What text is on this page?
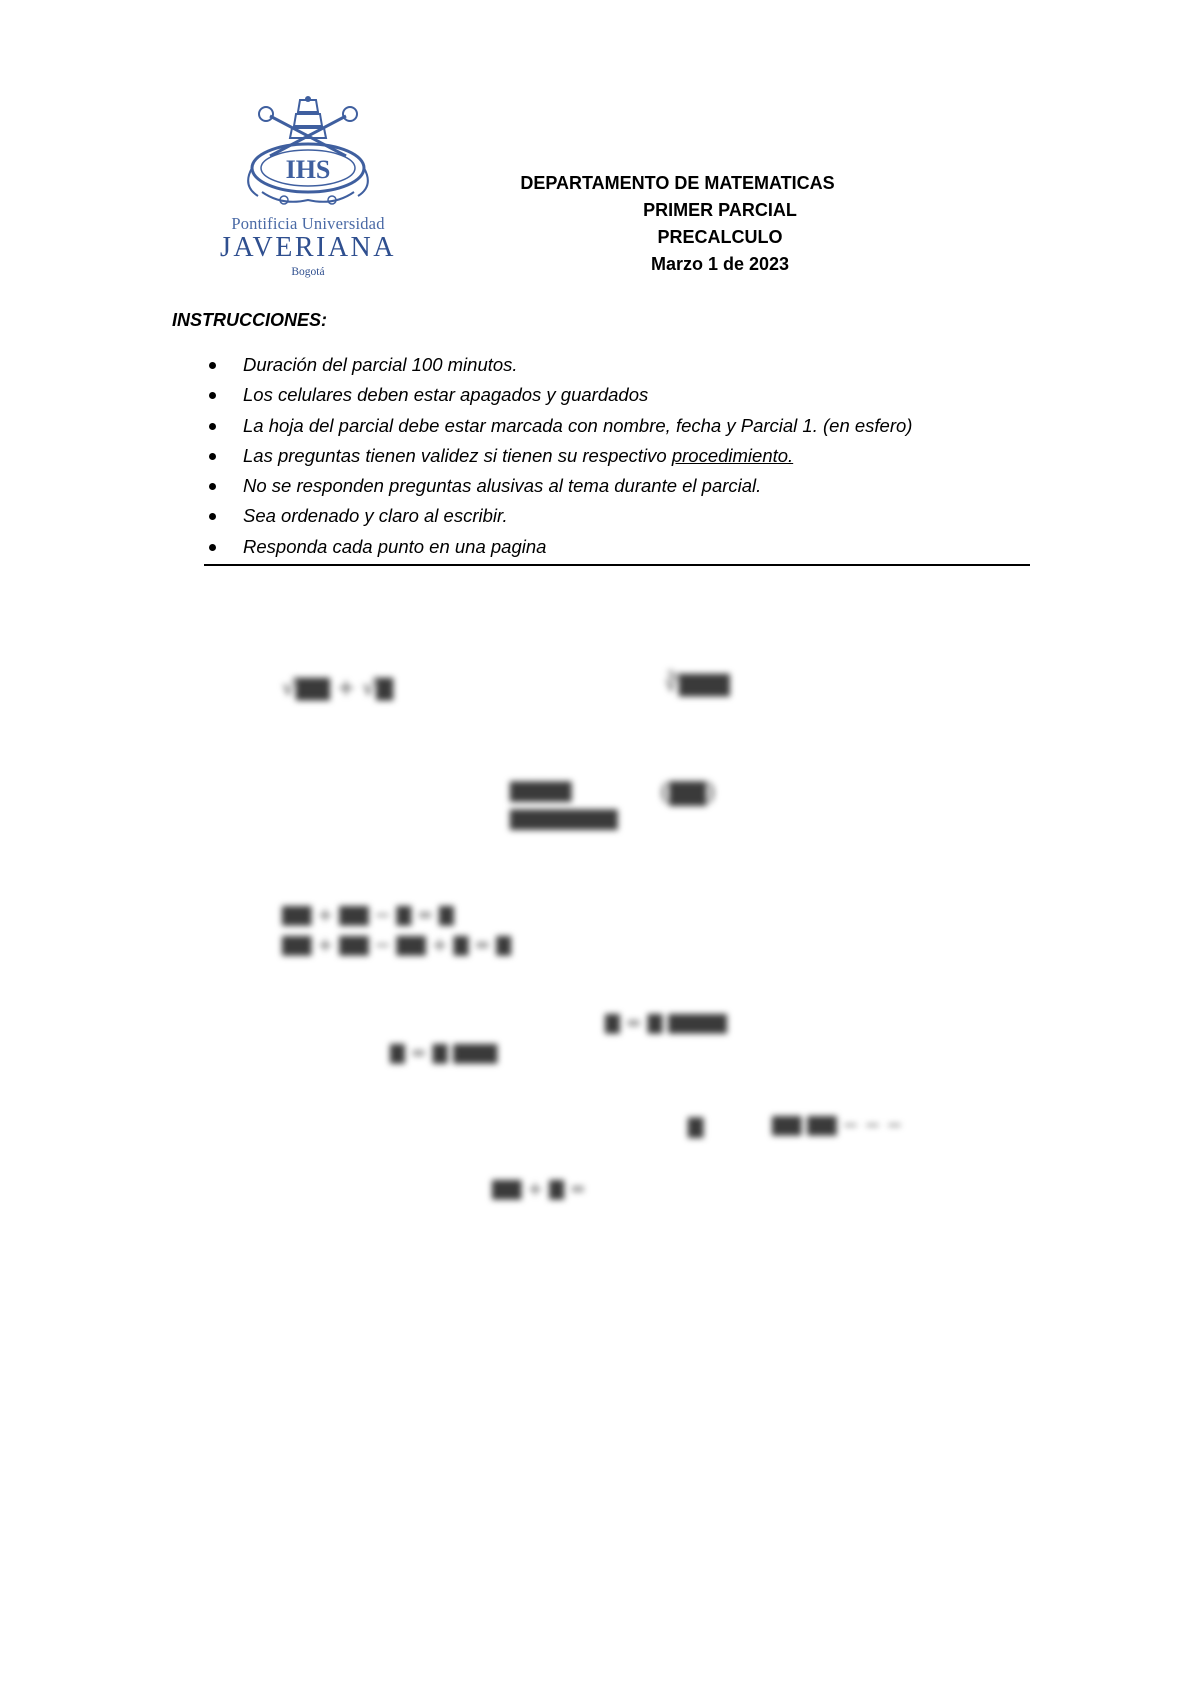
IHS
Pontificia Universidad
JAVERIANA
Bogotá
DEPARTAMENTO DE MATEMATICAS
PRIMER PARCIAL
PRECALCULO
Marzo 1 de 2023
INSTRUCCIONES:
Duración del parcial 100 minutos.
Los celulares deben estar apagados y guardados
La hoja del parcial debe estar marcada con nombre, fecha y Parcial 1. (en esfero)
Las preguntas tienen validez si tienen su respectivo procedimiento.
No se responden preguntas alusivas al tema durante el parcial.
Sea ordenado y claro al escribir.
Responda cada punto en una pagina
√▇▇ + √▇	∛▇▇▇
▇▇▇▇
▇▇▇▇▇▇▇
(▇▇)
▇▇ + ▇▇ − ▇ = ▇
▇▇ + ▇▇ − ▇▇ + ▇ = ▇
▇ = ▇ ▇▇▇▇
▇ = ▇ ▇▇▇
▇	▇▇ ▇▇ − − −
▇▇ + ▇ =
